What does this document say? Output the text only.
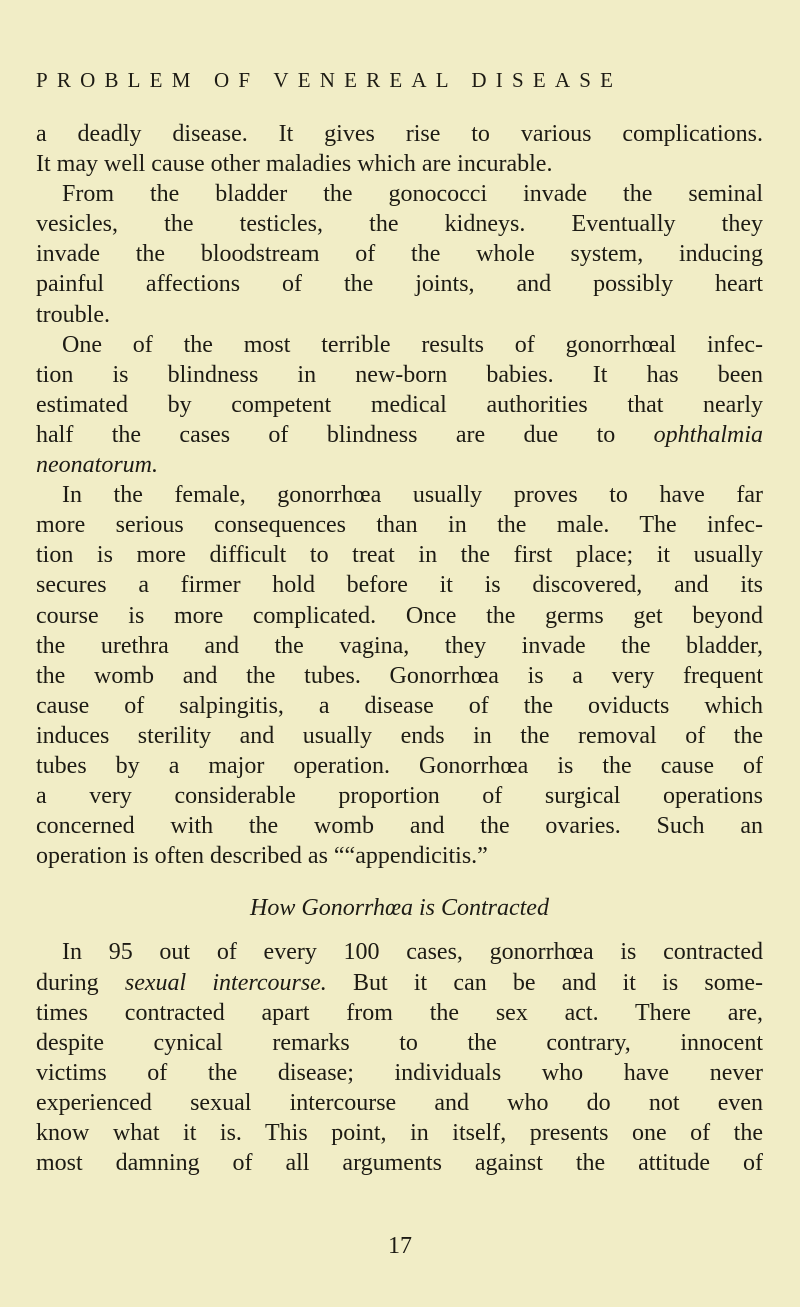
PROBLEM OF VENEREAL DISEASE
a deadly disease. It gives rise to various complications.
It may well cause other maladies which are incurable.
From the bladder the gonococci invade the seminal
vesicles, the testicles, the kidneys. Eventually they
invade the bloodstream of the whole system, inducing
painful affections of the joints, and possibly heart
trouble.
One of the most terrible results of gonorrhœal infec-
tion is blindness in new-born babies. It has been
estimated by competent medical authorities that nearly
half the cases of blindness are due to ophthalmia
neonatorum.
In the female, gonorrhœa usually proves to have far
more serious consequences than in the male. The infec-
tion is more difficult to treat in the first place; it usually
secures a firmer hold before it is discovered, and its
course is more complicated. Once the germs get beyond
the urethra and the vagina, they invade the bladder,
the womb and the tubes. Gonorrhœa is a very frequent
cause of salpingitis, a disease of the oviducts which
induces sterility and usually ends in the removal of the
tubes by a major operation. Gonorrhœa is the cause of
a very considerable proportion of surgical operations
concerned with the womb and the ovaries. Such an
operation is often described as ““appendicitis.”
How Gonorrhœa is Contracted
In 95 out of every 100 cases, gonorrhœa is contracted
during sexual intercourse. But it can be and it is some-
times contracted apart from the sex act. There are,
despite cynical remarks to the contrary, innocent
victims of the disease; individuals who have never
experienced sexual intercourse and who do not even
know what it is. This point, in itself, presents one of the
most damning of all arguments against the attitude of
17
